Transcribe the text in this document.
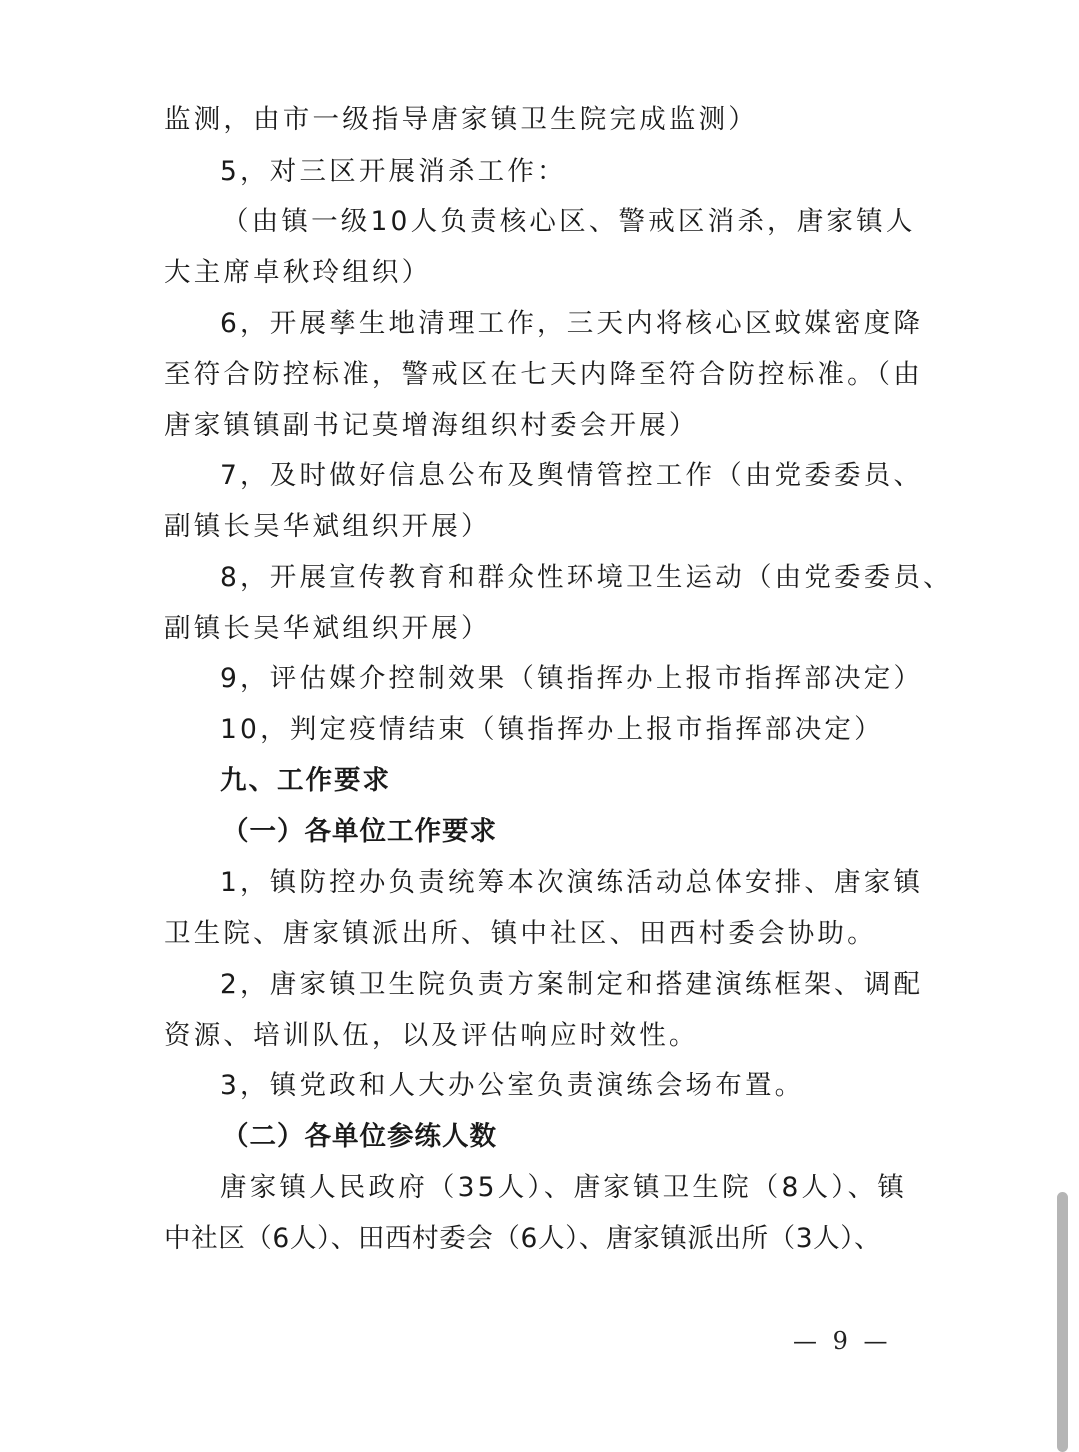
监测，由市一级指导唐家镇卫生院完成监测）
5，对三区开展消杀工作：
（由镇一级10人负责核心区、警戒区消杀，唐家镇人
大主席卓秋玲组织）
6，开展孳生地清理工作，三天内将核心区蚊媒密度降
至符合防控标准，警戒区在七天内降至符合防控标准。（由
唐家镇镇副书记莫增海组织村委会开展）
7，及时做好信息公布及舆情管控工作（由党委委员、
副镇长吴华斌组织开展）
8，开展宣传教育和群众性环境卫生运动（由党委委员、
副镇长吴华斌组织开展）
9，评估媒介控制效果（镇指挥办上报市指挥部决定）
10，判定疫情结束（镇指挥办上报市指挥部决定）
九、工作要求
（一）各单位工作要求
1，镇防控办负责统筹本次演练活动总体安排、唐家镇
卫生院、唐家镇派出所、镇中社区、田西村委会协助。
2，唐家镇卫生院负责方案制定和搭建演练框架、调配
资源、培训队伍，以及评估响应时效性。
3，镇党政和人大办公室负责演练会场布置。
（二）各单位参练人数
唐家镇人民政府（35人）、唐家镇卫生院（8人）、镇
中社区（6人）、田西村委会（6人）、唐家镇派出所（3人）、
— 9 —
